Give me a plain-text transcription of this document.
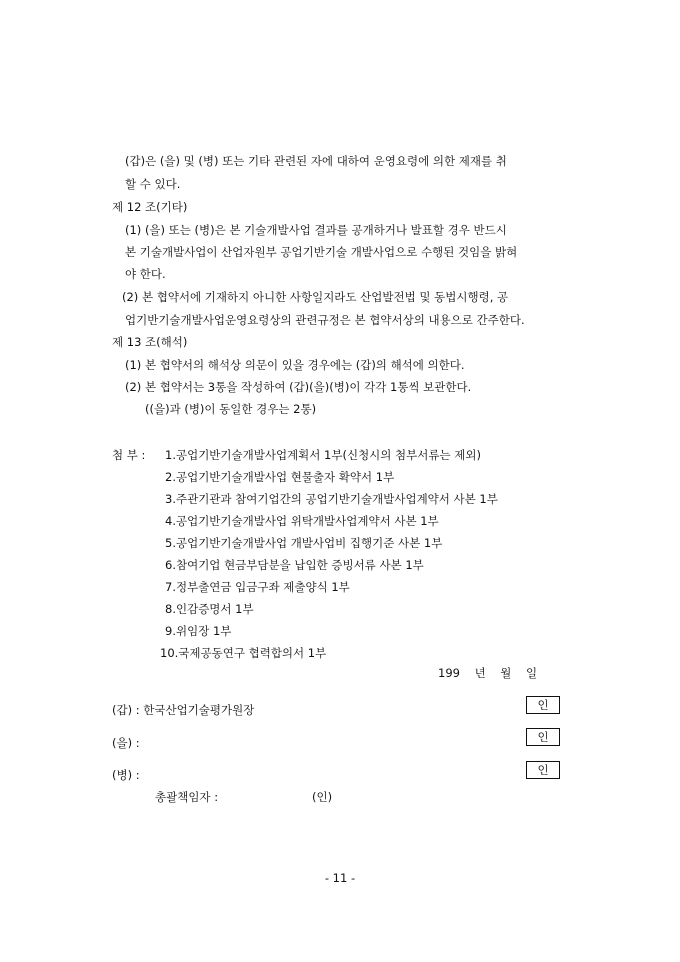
(갑)은 (을) 및 (병) 또는 기타 관련된 자에 대하여 운영요령에 의한 제재를 취
할 수 있다.
제 12 조(기타)
(1) (을) 또는 (병)은 본 기술개발사업 결과를 공개하거나 발표할 경우 반드시
본 기술개발사업이 산업자원부 공업기반기술 개발사업으로 수행된 것임을 밝혀
야 한다.
(2) 본 협약서에 기재하지 아니한 사항일지라도 산업발전법 및 동법시행령, 공
업기반기술개발사업운영요령상의 관련규정은 본 협약서상의 내용으로 간주한다.
제 13 조(해석)
(1) 본 협약서의 해석상 의문이 있을 경우에는 (갑)의 해석에 의한다.
(2) 본 협약서는 3통을 작성하여 (갑)(을)(병)이 각각 1통씩 보관한다.
((을)과 (병)이 동일한 경우는 2통)
첨 부 : 1.공업기반기술개발사업계획서 1부(신청시의 첨부서류는 제외)
2.공업기반기술개발사업 현물출자 확약서 1부
3.주관기관과 참여기업간의 공업기반기술개발사업계약서 사본 1부
4.공업기반기술개발사업 위탁개발사업계약서 사본 1부
5.공업기반기술개발사업 개발사업비 집행기준 사본 1부
6.참여기업 현금부담분을 납입한 증빙서류 사본 1부
7.정부출연금 입금구좌 제출양식 1부
8.인감증명서 1부
9.위임장 1부
10.국제공동연구 협력합의서 1부
199    년    월    일
(갑) : 한국산업기술평가원장	인
(을) :	인
(병) :	인
총괄책임자 :	(인)
- 11 -
